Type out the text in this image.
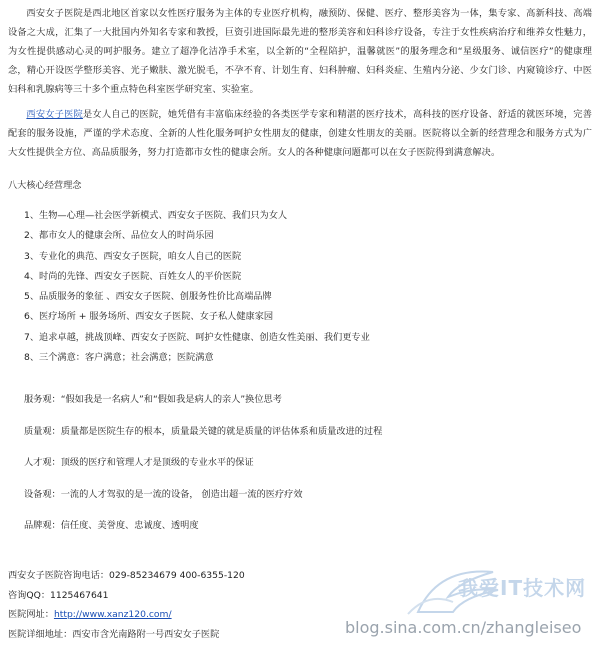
西安女子医院是西北地区首家以女性医疗服务为主体的专业医疗机构，融预防、保健、医疗、整形美容为一体，集专家、高新科技、高端设备之大成，汇集了一大批国内外知名专家和教授，巨资引进国际最先进的整形美容和妇科诊疗设备，专注于女性疾病治疗和维养女性魅力，为女性提供感动心灵的呵护服务。建立了超净化洁净手术室，以全新的“全程陪护，温馨就医”的服务理念和“星级服务、诚信医疗”的健康理念，精心开设医学整形美容、光子嫩肤、激光脱毛，不孕不育、计划生育、妇科肿瘤、妇科炎症、生殖内分泌、少女门诊、内窥镜诊疗、中医妇科和乳腺病等三十多个重点特色科室医学研究室、实验室。

西安女子医院是女人自己的医院，她凭借有丰富临床经验的各类医学专家和精湛的医疗技术，高科技的医疗设备、舒适的就医环境，完善配套的服务设施，严谨的学术态度、全新的人性化服务呵护女性朋友的健康，创建女性朋友的美丽。医院将以全新的经营理念和服务方式为广大女性提供全方位、高品质服务，努力打造都市女性的健康会所。女人的各种健康问题都可以在女子医院得到满意解决。

八大核心经营理念

1、生物—心理—社会医学新模式、西安女子医院、我们只为女人
2、都市女人的健康会所、品位女人的时尚乐园
3、专业化的典范、西安女子医院，咱女人自己的医院
4、时尚的先锋、西安女子医院、百姓女人的平价医院
5、品质服务的象征 、西安女子医院、创服务性价比高端品牌
6、医疗场所 + 服务场所、西安女子医院、女子私人健康家园
7、追求卓越，挑战顶峰、西安女子医院、呵护女性健康、创造女性美丽、我们更专业
8、三个满意：客户满意；社会满意；医院满意
服务观：“假如我是一名病人”和“假如我是病人的亲人”换位思考
质量观：质量都是医院生存的根本，质量最关键的就是质量的评估体系和质量改进的过程
人才观：顶级的医疗和管理人才是顶级的专业水平的保证
设备观：一流的人才驾驭的是一流的设备， 创造出超一流的医疗疗效
品牌观：信任度、美誉度、忠诚度、透明度
西安女子医院咨询电话：029-85234679 400-6355-120
咨询QQ：1125467641
医院网址：http://www.xanz120.com/
医院详细地址：西安市含光南路附一号西安女子医院
我爱IT技术网
blog.sina.com.cn/zhangleiseo
